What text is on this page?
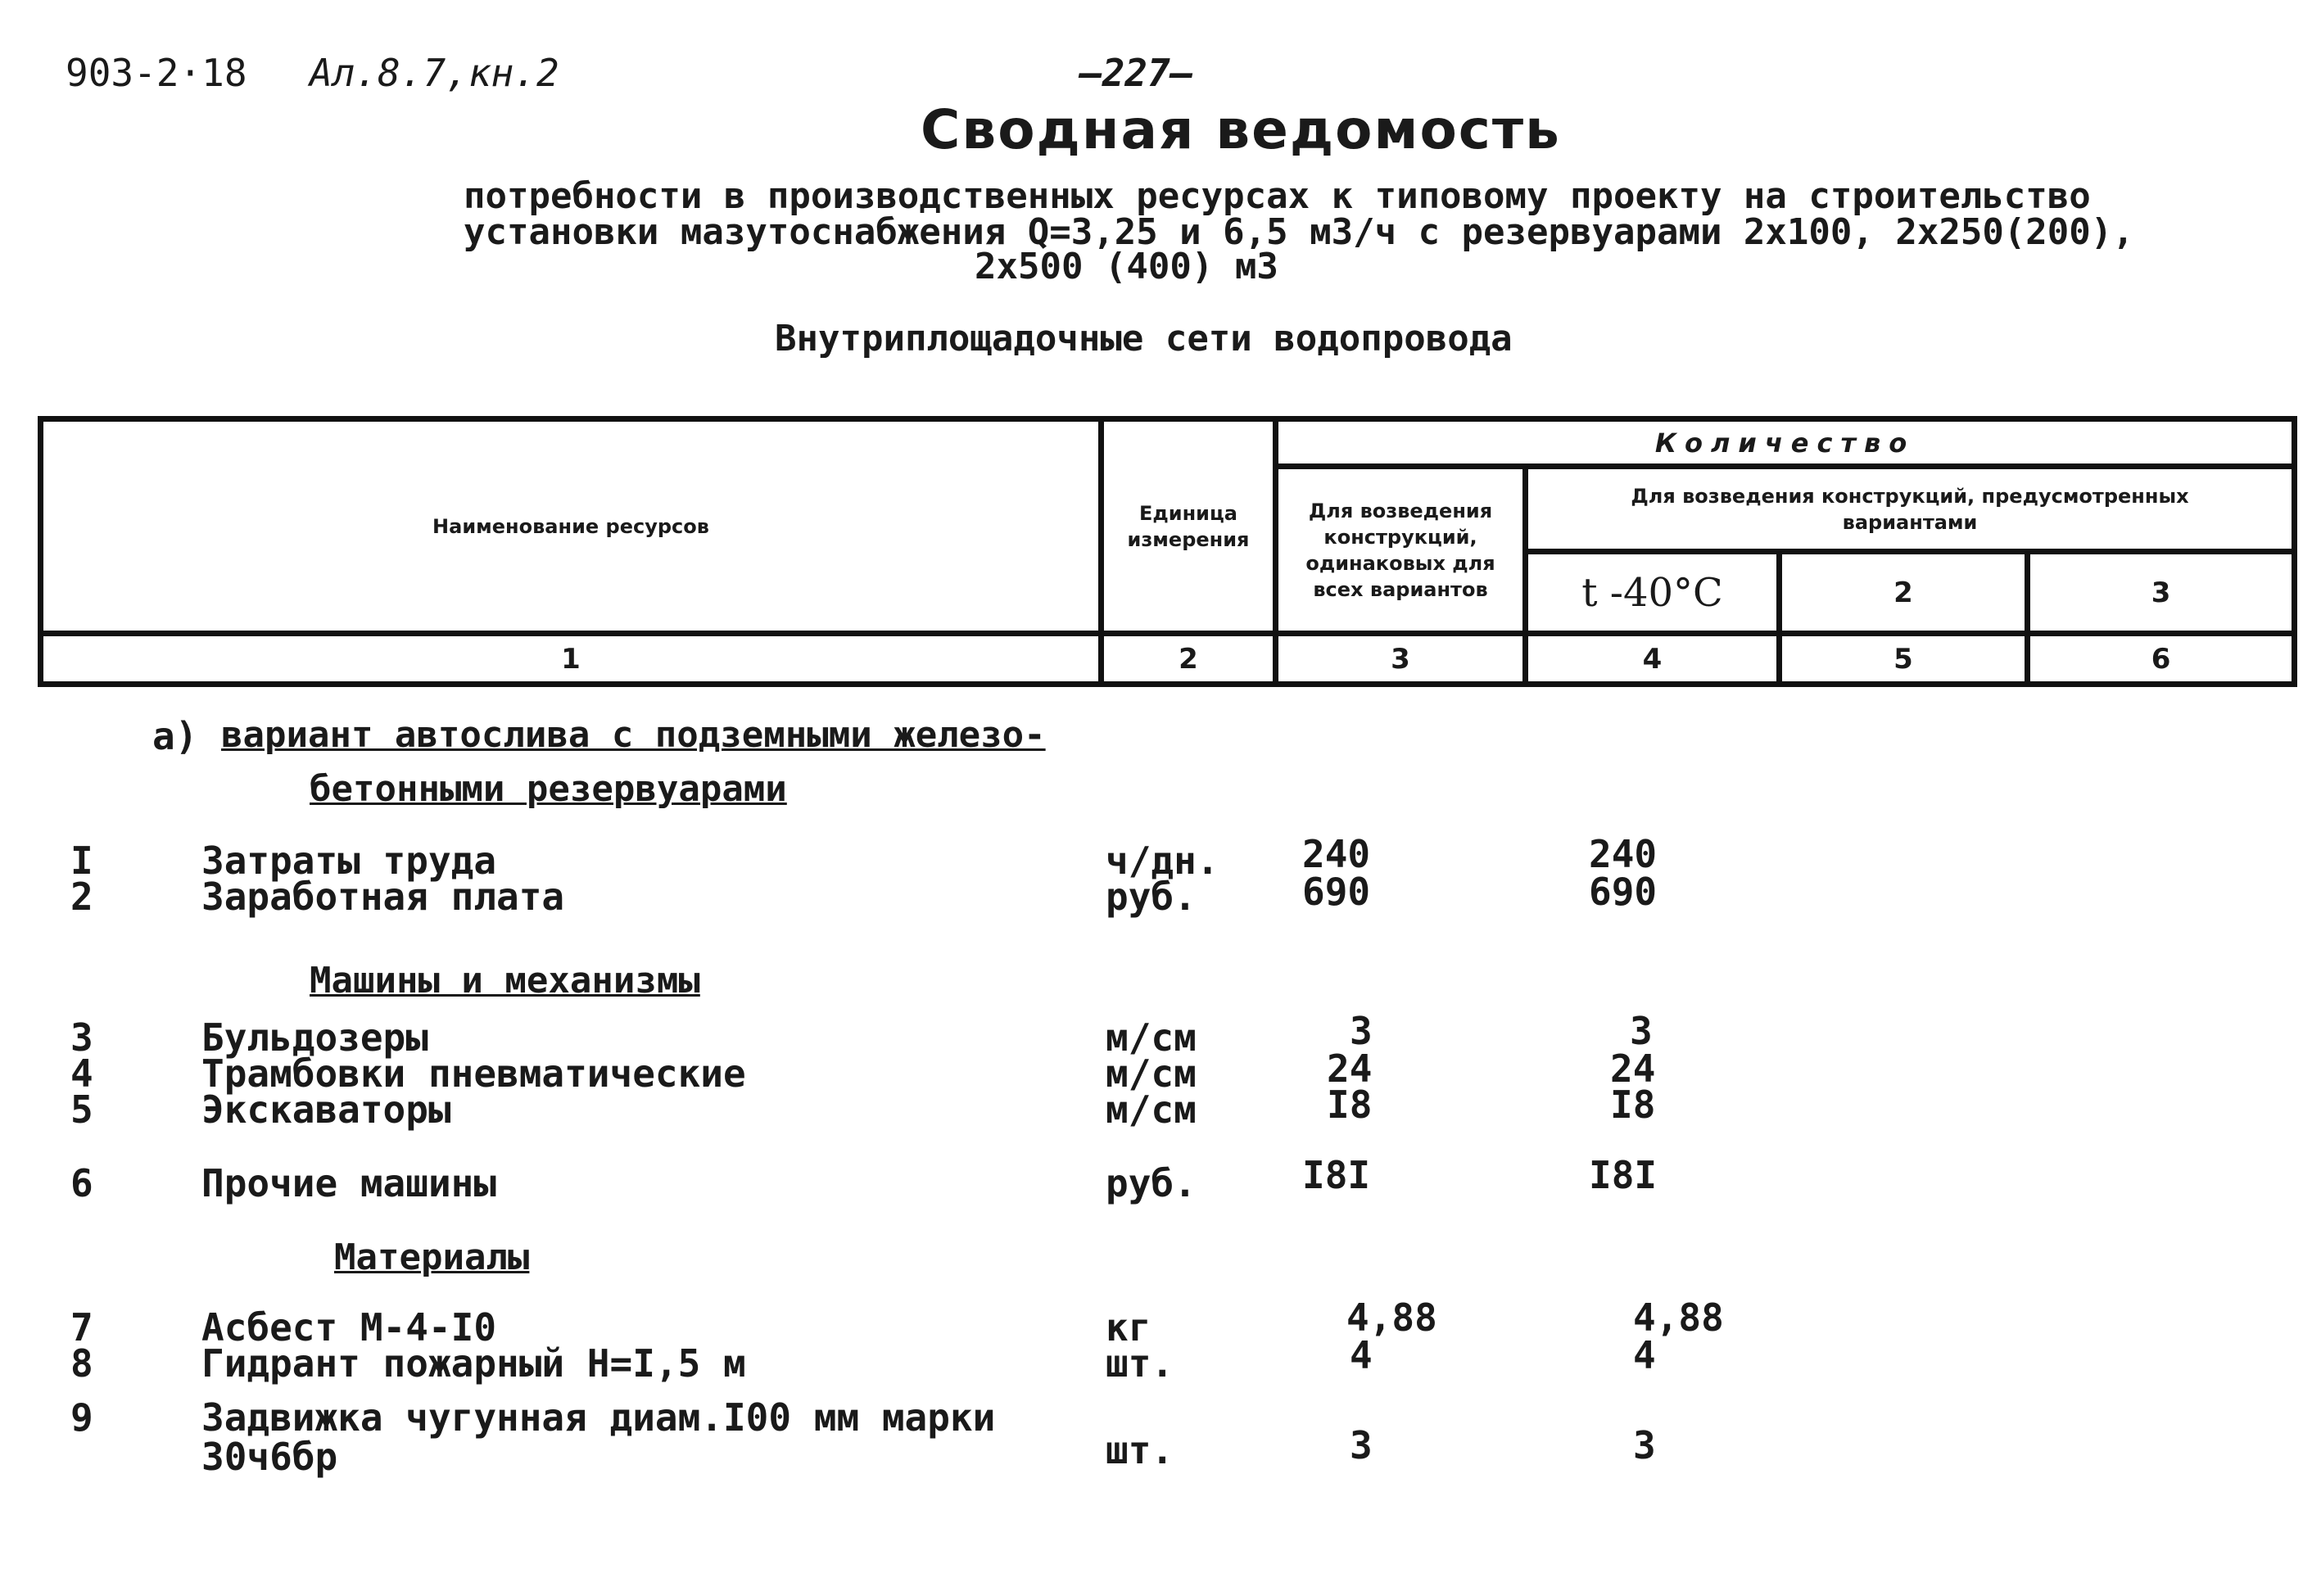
903-2·18 Ал.8.7,кн.2	—227—
Сводная ведомость
потребности в производственных ресурсах к типовому проекту на строительство
установки мазутоснабжения Q=3,25 и 6,5 м3/ч с резервуарами 2x100, 2x250(200),
2x500 (400) м3
Внутриплощадочные сети водопровода
Наименование ресурсов	Единица
измерения	Количество			
		Для возведения
конструкций,
одинаковых для
всех вариантов	Для возведения конструкций, предусмотренных
вариантами		
			t -40°C	2	3
1	2	3	4	5	6
а) вариант автослива с подземными железо-
бетонными резервуарами
I	Затраты труда	ч/дн. 240	240
2	Заработная плата	руб.	690	690
Машины и механизмы
3	Бульдозеры	м/см	3	3
4	Трамбовки пневматические	м/см	24	24
5	Экскаваторы	м/см	I8	I8
6	Прочие машины	руб.	I8I	I8I
Материалы
7	Асбест М-4-I0	кг	4,88	4,88
8	Гидрант пожарный Н=I,5 м	шт.	4	4
9	Задвижка чугунная диам.I00 мм марки
30ч6бр	шт.	3	3
